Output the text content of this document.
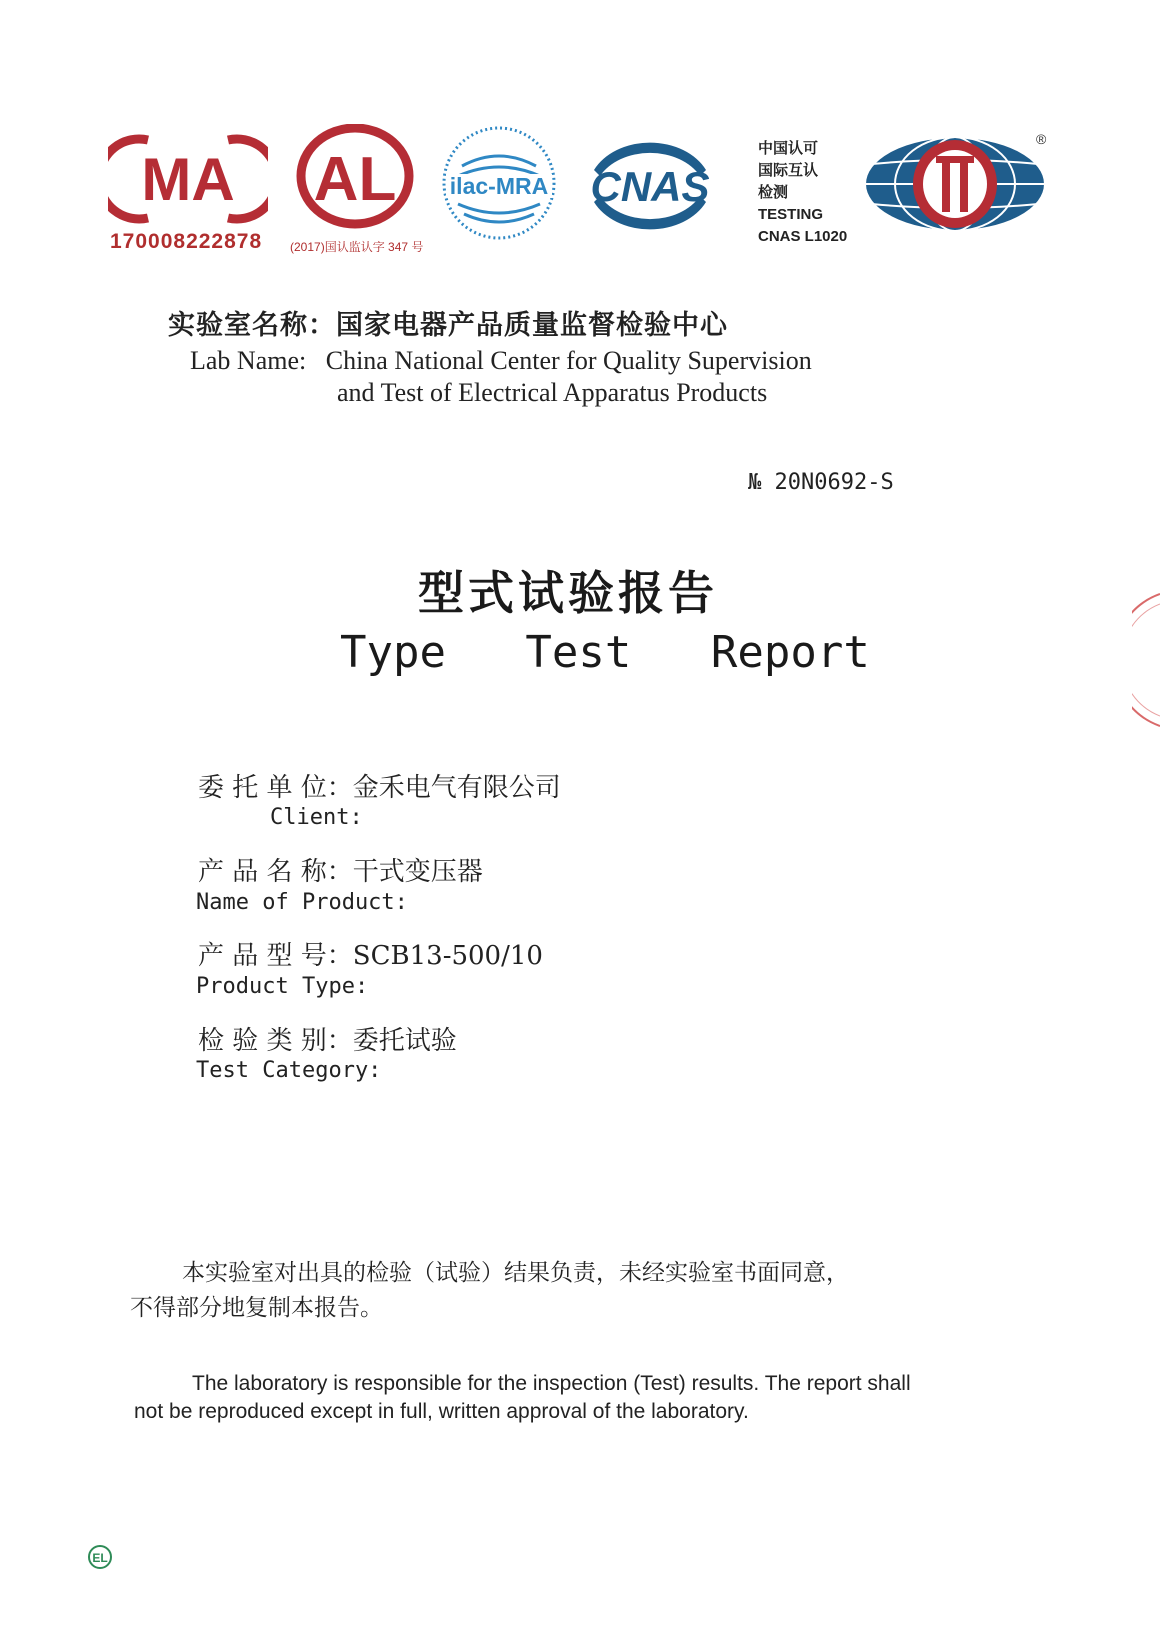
MA
170008222878
AL
(2017)国认监认字 347 号
ilac-MRA CNAS
中国认可
国际互认
检测
TESTING
CNAS L1020
®
实验室名称：国家电器产品质量监督检验中心
Lab Name: China National Center for Quality Supervision
and Test of Electrical Apparatus Products
№ 20N0692-S
型式试验报告
Type   Test   Report
委 托 单 位：金禾电气有限公司
Client:
产 品 名 称：干式变压器
Name of Product:
产 品 型 号：SCB13-500/10
Product Type:
检 验 类 别：委托试验
Test Category:
本实验室对出具的检验（试验）结果负责，未经实验室书面同意，
不得部分地复制本报告。
The laboratory is responsible for the inspection (Test) results. The report shall
not be reproduced except in full, written approval of the laboratory.
EL
